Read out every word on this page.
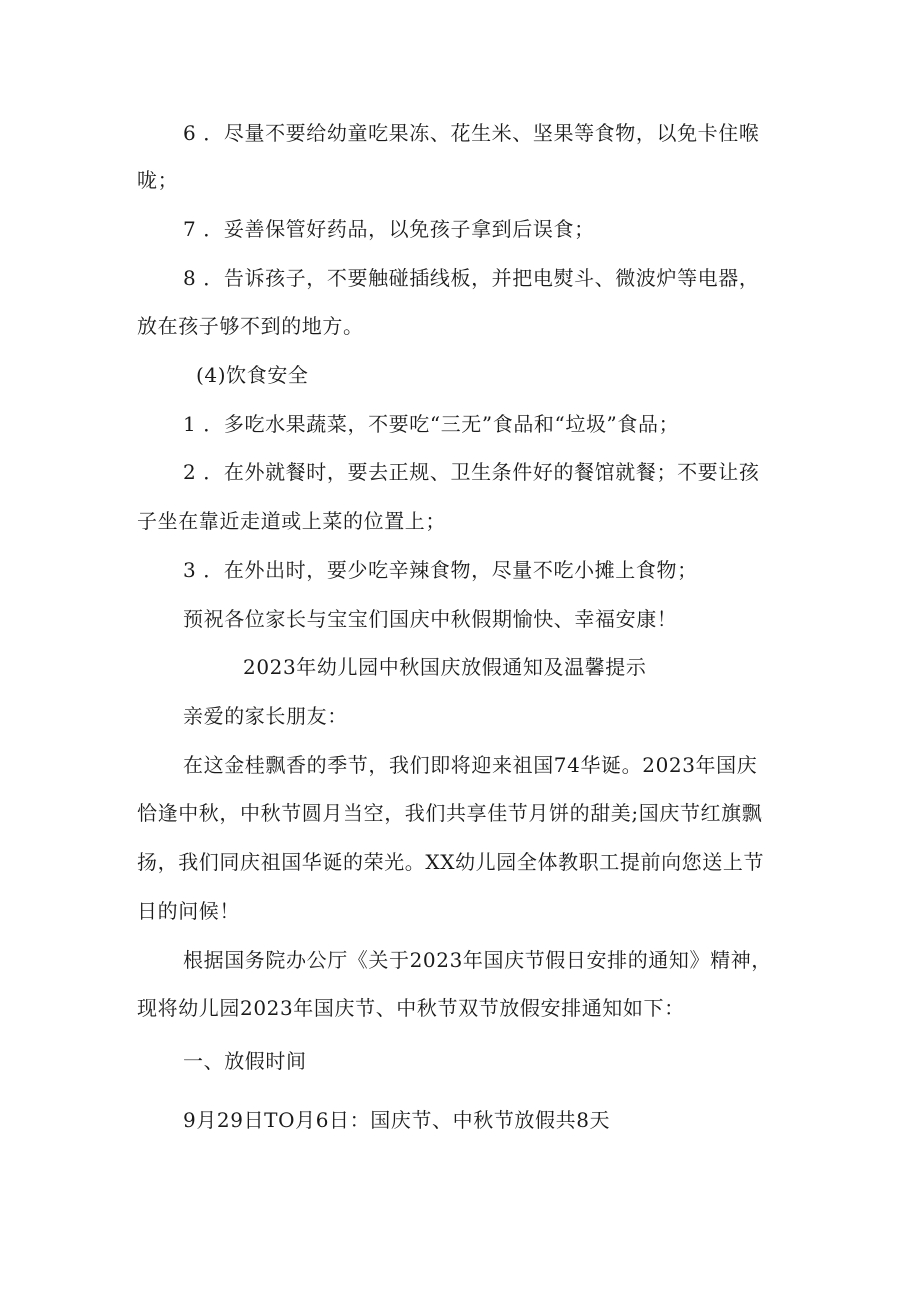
6 ．尽量不要给幼童吃果冻、花生米、坚果等食物，以免卡住喉
咙；
7 ．妥善保管好药品，以免孩子拿到后误食；
8 ．告诉孩子，不要触碰插线板，并把电熨斗、微波炉等电器，
放在孩子够不到的地方。
(4)饮食安全
1 ．多吃水果蔬菜，不要吃“三无”食品和“垃圾”食品；
2 ．在外就餐时，要去正规、卫生条件好的餐馆就餐；不要让孩
子坐在靠近走道或上菜的位置上；
3 ．在外出时，要少吃辛辣食物，尽量不吃小摊上食物；
预祝各位家长与宝宝们国庆中秋假期愉快、幸福安康！
2023年幼儿园中秋国庆放假通知及温馨提示
亲爱的家长朋友：
在这金桂飘香的季节，我们即将迎来祖国74华诞。2023年国庆
恰逢中秋，中秋节圆月当空，我们共享佳节月饼的甜美;国庆节红旗飘
扬，我们同庆祖国华诞的荣光。XX幼儿园全体教职工提前向您送上节
日的问候！
根据国务院办公厅《关于2023年国庆节假日安排的通知》精神，
现将幼儿园2023年国庆节、中秋节双节放假安排通知如下：
一、放假时间
9月29日TO月6日：国庆节、中秋节放假共8天
